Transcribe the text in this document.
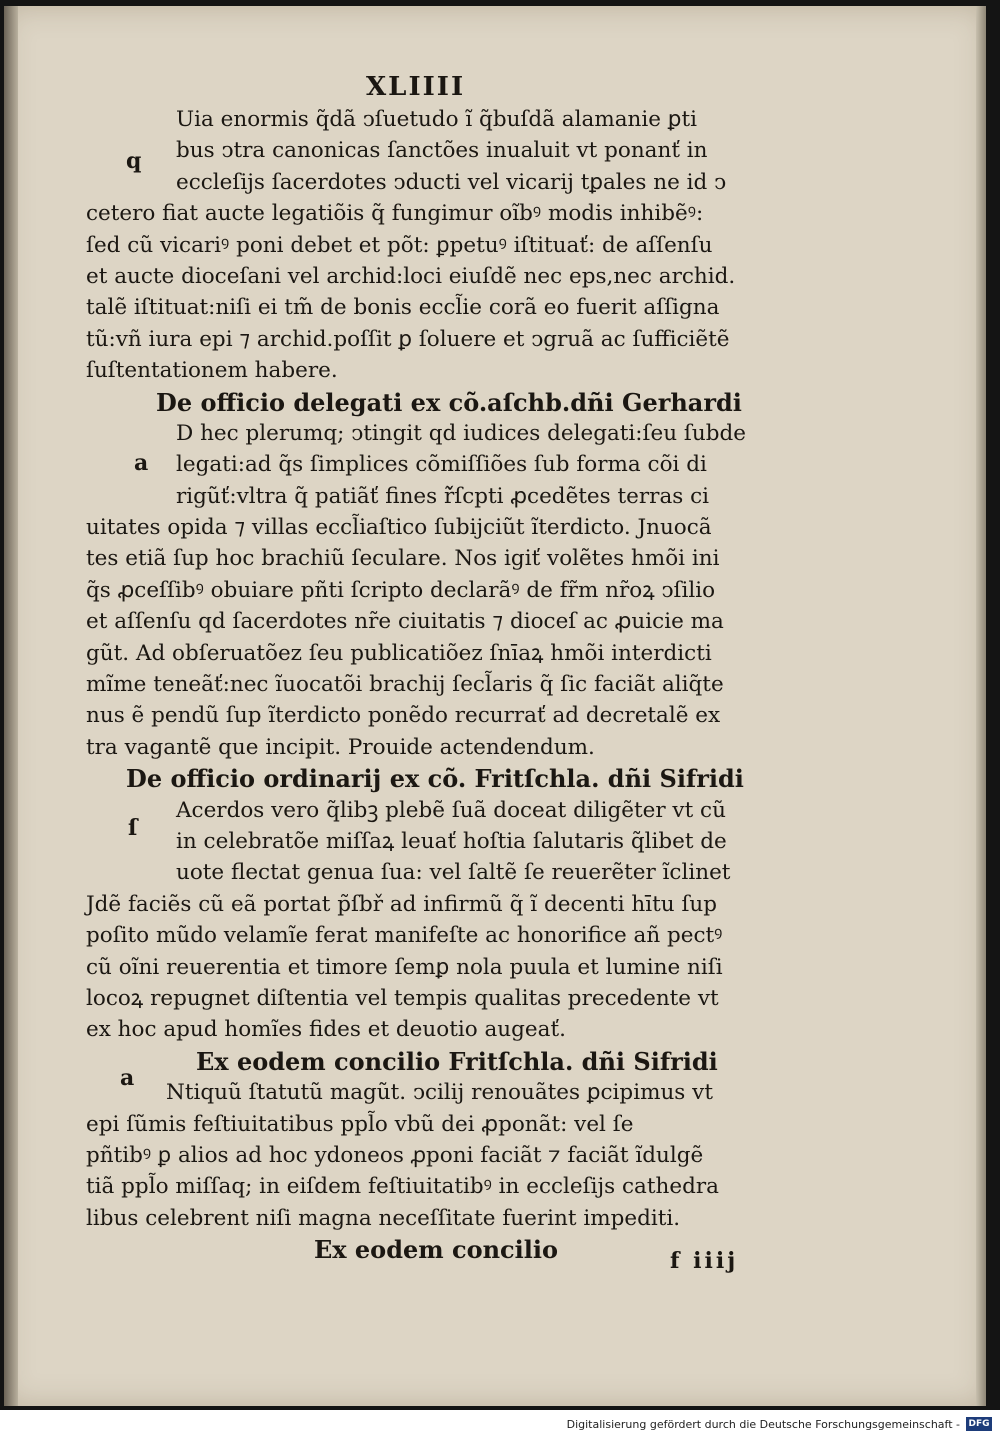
XLIIII
q
a
ſ
a
Uia enormis q̃dã ↄſuetudo ĩ q̃buſdã alamanie ꝑti
bus ↄtra canonicas ſanctões inualuit vt ponanť in
eccleſijs ſacerdotes ↄducti vel vicarij tꝑales ne id ↄ
cetero fiat aucte legatiõis q̃ fungimur oĩbꝰ modis inhibẽꝰ:
ſed cũ vicariꝰ poni debet et põt: ꝑpetuꝰ iſtituať: de aſſenſu
et aucte dioceſani vel archid:loci eiuſdẽ nec eps,nec archid.
talẽ iſtituat:niſi ei tm̃ de bonis eccl̃ie corã eo fuerit aſſigna
tũ:vñ iura epi ⁊ archid.poſſit ꝑ ſoluere et ↄgruã ac ſufficiẽtẽ
ſuſtentationem habere.
De officio delegati ex cõ.aſchb.dñi Gerhardi
D hec plerumq; ↄtingit qd iudices delegati:ſeu ſubde
legati:ad q̃s ſimplices cõmiſſiões ſub forma cõi di
rigũť:vltra q̃ patiãť fines ř̃ſcpti ꝓcedẽtes terras ci
uitates opida ⁊ villas eccl̃iaſtico ſubijciũt ĩterdicto. Jnuocã
tes etiã ſup hoc brachiũ ſeculare. Nos igiť volẽtes hmõi ini
q̃s ꝓceſſibꝰ obuiare pñti ſcripto declarãꝰ de fr̃m nr̃oꝝ ↄſilio
et aſſenſu qd ſacerdotes nr̃e ciuitatis ⁊ dioceſ ac ꝓuicie ma
gũt. Ad obſeruatõez ſeu publicatiõez ſnīaꝝ hmõi interdicti
mĩme teneãť:nec ĩuocatõi brachij ſecl̃aris q̃ ſic faciãt aliq̃te
nus ẽ pendũ ſup ĩterdicto ponẽdo recurrať ad decretalẽ ex
tra vagantẽ que incipit. Prouide actendendum.
De officio ordinarij ex cõ. Fritſchla. dñi Sifridi
Acerdos vero q̃libꝫ plebẽ ſuã doceat diligẽter vt cũ
in celebratõe miſſaꝝ leuať hoſtia ſalutaris q̃libet de
uote flectat genua ſua: vel ſaltẽ ſe reuerẽter ĩclinet
Jdẽ faciẽs cũ eã portat p̃ſbř ad infirmũ q̃ ĩ decenti hītu ſup
poſito mũdo velamĩe ferat manifeſte ac honorifice añ pectꝰ
cũ oĩni reuerentia et timore ſemꝑ nola puula et lumine niſi
locoꝝ repugnet diſtentia vel tempis qualitas precedente vt
ex hoc apud homĩes fides et deuotio augeať.
Ex eodem concilio Fritſchla. dñi Sifridi
Ntiquũ ſtatutũ magũt. ↄcilij renouãtes ꝑcipimus vt
epi ſũmis feſtiuitatibus ppl̃o vbũ dei ꝓponãt: vel ſe
pñtibꝰ ꝑ alios ad hoc ydoneos ꝓponi faciãt ⁊ faciãt ĩdulgẽ
tiã ppl̃o miſſaq; in eiſdem feſtiuitatibꝰ in eccleſijs cathedra
libus celebrent niſi magna neceſſitate fuerint impediti.
Ex eodem concilio	f iiij
Digitalisierung gefördert durch die Deutsche Forschungsgemeinschaft - DFG
